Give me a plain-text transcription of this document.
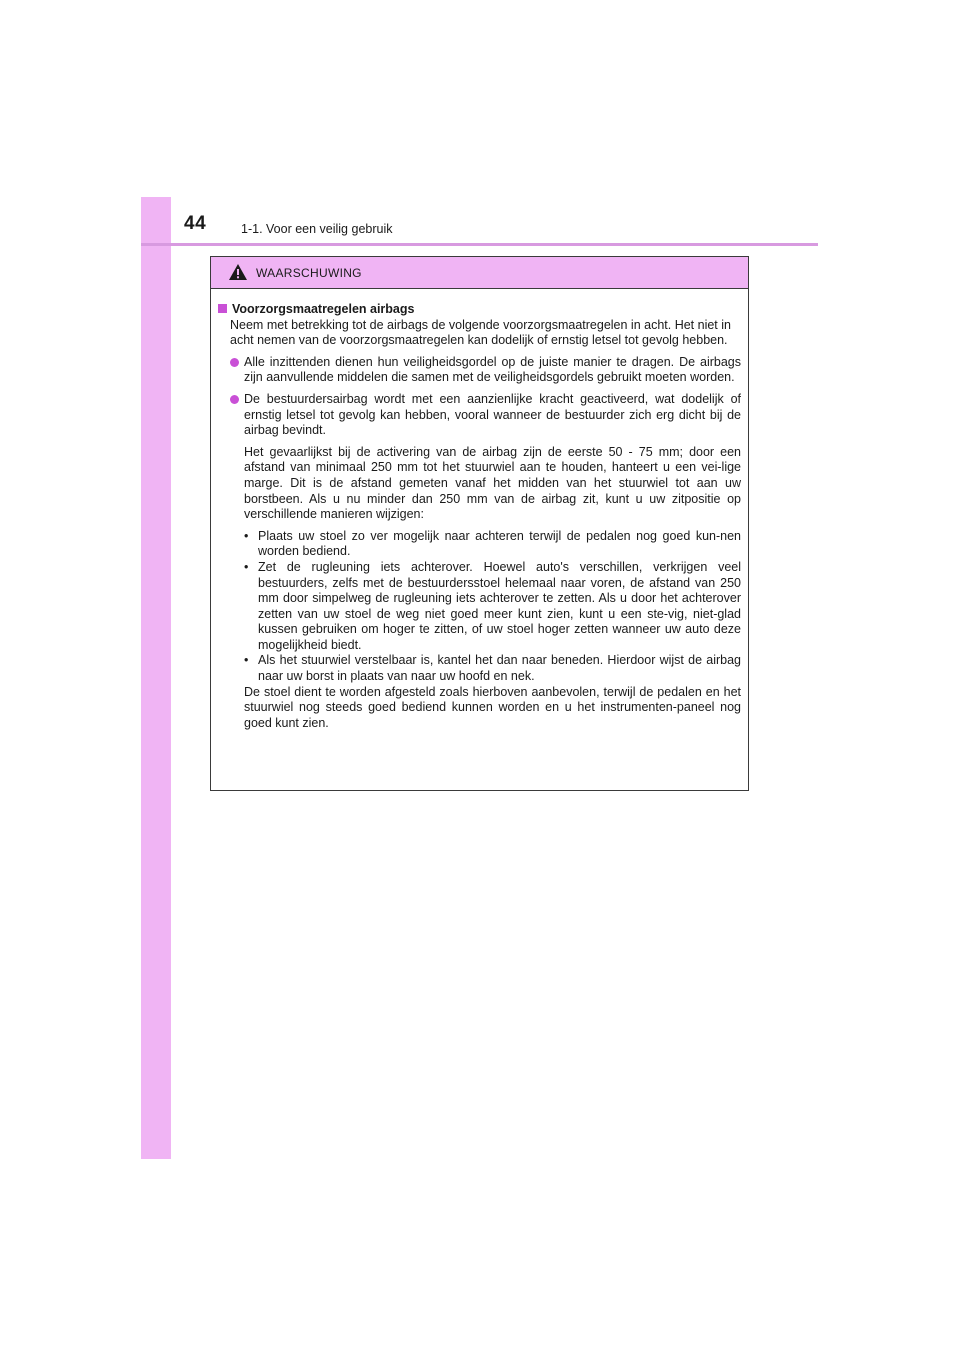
44	1-1. Voor een veilig gebruik
WAARSCHUWING
Voorzorgsmaatregelen airbags
Neem met betrekking tot de airbags de volgende voorzorgsmaatregelen in acht. Het niet in acht nemen van de voorzorgsmaatregelen kan dodelijk of ernstig letsel tot gevolg hebben.
Alle inzittenden dienen hun veiligheidsgordel op de juiste manier te dragen. De airbags zijn aanvullende middelen die samen met de veiligheidsgordels gebruikt moeten worden.
De bestuurdersairbag wordt met een aanzienlijke kracht geactiveerd, wat dodelijk of ernstig letsel tot gevolg kan hebben, vooral wanneer de bestuurder zich erg dicht bij de airbag bevindt.
Het gevaarlijkst bij de activering van de airbag zijn de eerste 50 - 75 mm; door een afstand van minimaal 250 mm tot het stuurwiel aan te houden, hanteert u een vei-lige marge. Dit is de afstand gemeten vanaf het midden van het stuurwiel tot aan uw borstbeen. Als u nu minder dan 250 mm van de airbag zit, kunt u uw zitpositie op verschillende manieren wijzigen:
• Plaats uw stoel zo ver mogelijk naar achteren terwijl de pedalen nog goed kun-nen worden bediend.
• Zet de rugleuning iets achterover. Hoewel auto's verschillen, verkrijgen veel bestuurders, zelfs met de bestuurdersstoel helemaal naar voren, de afstand van 250 mm door simpelweg de rugleuning iets achterover te zetten. Als u door het achterover zetten van uw stoel de weg niet goed meer kunt zien, kunt u een ste-vig, niet-glad kussen gebruiken om hoger te zitten, of uw stoel hoger zetten wanneer uw auto deze mogelijkheid biedt.
• Als het stuurwiel verstelbaar is, kantel het dan naar beneden. Hierdoor wijst de airbag naar uw borst in plaats van naar uw hoofd en nek.
De stoel dient te worden afgesteld zoals hierboven aanbevolen, terwijl de pedalen en het stuurwiel nog steeds goed bediend kunnen worden en u het instrumenten-paneel nog goed kunt zien.
